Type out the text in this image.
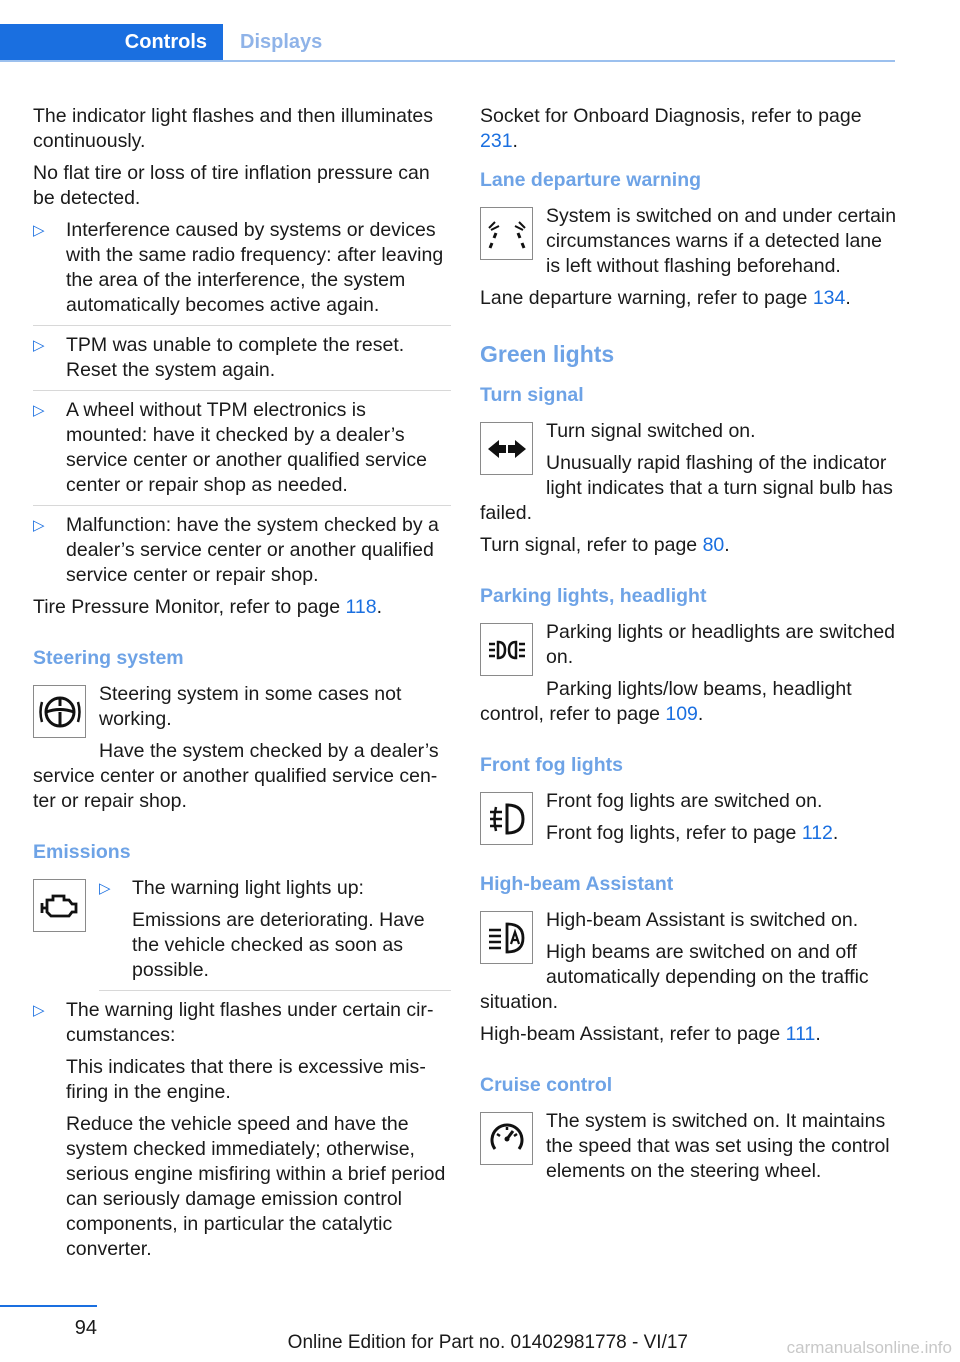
Controls	Displays

The indicator light flashes and then illuminates continuously.

No flat tire or loss of tire inflation pressure can be detected.

▷ Interference caused by systems or devices with the same radio frequency: after leaving the area of the interference, the system automatically becomes active again.
▷ TPM was unable to complete the reset. Reset the system again.
▷ A wheel without TPM electronics is mounted: have it checked by a dealer’s service center or another qualified service center or repair shop as needed.
▷ Malfunction: have the system checked by a dealer’s service center or another qualified service center or repair shop.

Tire Pressure Monitor, refer to page 118.

Steering system

Steering system in some cases not working.

Have the system checked by a dealer’s service center or another qualified service center or repair shop.

Emissions
▷ The warning light lights up:

Emissions are deteriorating. Have the vehicle checked as soon as possible.

▷ The warning light flashes under certain circumstances:

This indicates that there is excessive misfiring in the engine.

Reduce the vehicle speed and have the system checked immediately; otherwise, serious engine misfiring within a brief period can seriously damage emission control components, in particular the catalytic converter.

Socket for Onboard Diagnosis, refer to page 231.

Lane departure warning

System is switched on and under certain circumstances warns if a detected lane is left without flashing beforehand.

Lane departure warning, refer to page 134.

Green lights
Turn signal

Turn signal switched on.

Unusually rapid flashing of the indicator light indicates that a turn signal bulb has failed.

Turn signal, refer to page 80.

Parking lights, headlight

Parking lights or headlights are switched on.

Parking lights/low beams, headlight control, refer to page 109.

Front fog lights

Front fog lights are switched on.

Front fog lights, refer to page 112.

High-beam Assistant

High-beam Assistant is switched on.

High beams are switched on and off automatically depending on the traffic situation.

High-beam Assistant, refer to page 111.

Cruise control

The system is switched on. It maintains the speed that was set using the control elements on the steering wheel.

94
Online Edition for Part no. 01402981778 - VI/17	carmanualsonline.info
